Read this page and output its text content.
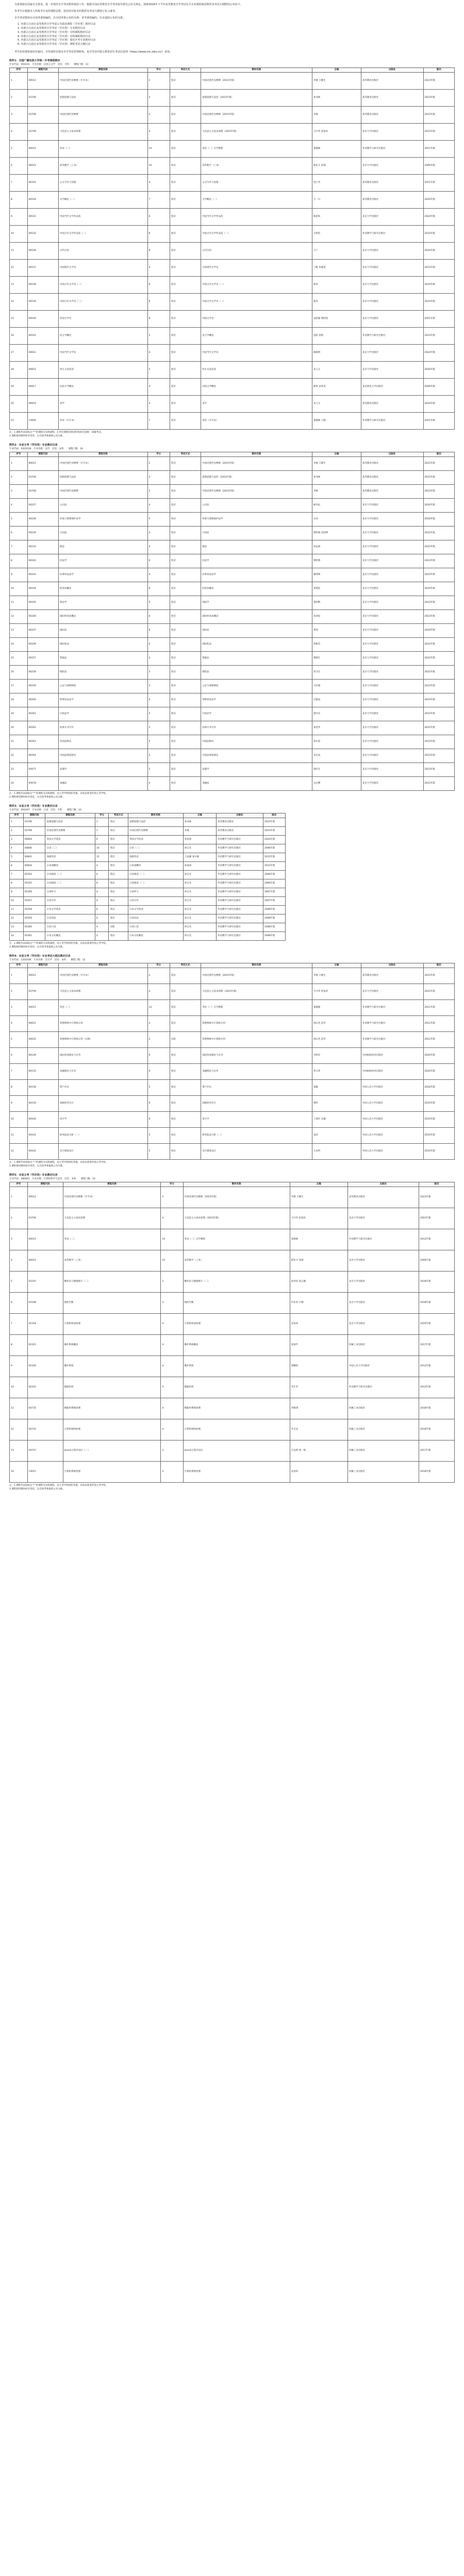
为贯彻落实国家有关要求，进一步规范自学考试教材使用工作，根据全国高等教育自学考试指导委员会有关规定，现将2024年下半年高等教育自学考试有关专业课程使用教材及考试大纲情况公布如下。

各考生应根据本人所报考专业的课程安排，选用对应版本的教材及考试大纲进行复习备考。

自学考试教材由全国考委组编的，以全国考委公布的为准；省考委组编的，以本通知公布的为准。

1. 内蒙古自治区高等教育自学考试公共政治课程（学历类）教材目录
2. 内蒙古自治区高等教育自学考试（学历类）专业教材目录
3. 内蒙古自治区高等教育自学考试（学历类）专科课程教材目录
4. 内蒙古自治区高等教育自学考试（学历类）本科课程教材目录
5. 内蒙古自治区高等教育自学考试（学历类）委托开考专业教材目录
6. 内蒙古自治区高等教育自学考试（学历类）课程考试大纲目录

考生如对教材使用有疑问，可咨询所在盟市自学考试管理机构，也可登录内蒙古教育招生考试信息网（https://www.nm.zsks.cn/）查询。

附件1：全国广播电视大学统一开考课程教材
专业代码：050101　专业名称：汉语言文学　层次：专科　　课程门数：13
序号	课程代码	课程名称	学分	考试方式	教材名称	主编	出版社	版次
1	00012	中国近现代史纲要（专升本）	2	笔试	中国近现代史纲要（2023年版）	李捷 王顺生	高等教育出版社	2023年版
2	03706	思想道德与法治	3	笔试	思想道德与法治（2023年版）	刘书林	高等教育出版社	2023年版
3	03708	中国近现代史纲要	2	笔试	中国近现代史纲要（2023年版）	李捷	高等教育出版社	2023年版
4	03709	马克思主义基本原理	4	笔试	马克思主义基本原理（2023年版）	卫兴华 赵家祥	北京大学出版社	2023年版
5	00015	英语（二）	14	笔试	英语（二）自学教程	张敬源	外语教学与研究出版社	2012年版
6	00023	高等数学（工本）	10	笔试	高等数学（工本）	陈兆斗 高瑞	北京大学出版社	2006年版
7	00341	公文写作与处理	4	笔试	公文写作与处理	饶士奇	高等教育出版社	2021年版
8	00529	文学概论（一）	7	笔试	文学概论（一）	王一川	高等教育出版社	2024年版
9	00531	中国当代文学作品选	6	笔试	中国当代文学作品选	陈思和	北京大学出版社	2024年版
10	00532	中国古代文学作品选（一）	6	笔试	中国古代文学作品选（一）	方智范	外语教学与研究出版社	2024年版
11	00536	古代汉语	6	笔试	古代汉语	王宁	北京大学出版社	2024年版
12	00537	中国现代文学史	4	笔试	中国现代文学史	丁帆 朱晓进	北京大学出版社	2023年版
13	00538	中国古代文学史（一）	6	笔试	中国古代文学史（一）	陈洪	北京大学出版社	2024年版
14	00539	中国古代文学史（二）	6	笔试	中国古代文学史（二）	陈洪	北京大学出版社	2024年版
15	00540	外国文学史	6	笔试	外国文学史	孟昭毅 黎跃进	北京大学出版社	2021年版
16	00541	语言学概论	5	笔试	语言学概论	沈阳 贺阳	外语教学与研究出版社	2023年版
17	00812	中国当代文学史	4	笔试	中国当代文学史	陈晓明	北京大学出版社	2024年版
18	00815	西方文论选读	5	笔试	西方文论选读	朱立元	北京大学出版社	2020年版
19	00817	比较文学概论	4	笔试	比较文学概论	陈惇 孙景尧	北京师范大学出版社	2006年版
20	00819	美学	4	笔试	美学	朱立元	高等教育出版社	2016年版
21	13000	英语（专升本）	7	笔试	英语（专升本）	张敬源 王晓	外语教学与研究出版社	2021年版

注：1.课程代码前标注“*”的课程为实践课程；2.所有课程均须同时参加全国统一命题考试。

2.课程使用教材如有变化，以全国考委最新公布为准。

附件2：本省主考（学历类）专业教材目录
专业代码：030101K　专业名称：法学　层次：本科　　课程门数：24
序号	课程代码	课程名称	学分	考试方式	教材名称	主编	出版社	版次
1	00012	中国近现代史纲要（专升本）	2	笔试	中国近现代史纲要（2023年版）	李捷 王顺生	高等教育出版社	2023年版
2	03706	思想道德与法治	3	笔试	思想道德与法治（2023年版）	刘书林	高等教育出版社	2023年版
3	03708	中国近现代史纲要	2	笔试	中国近现代史纲要（2023年版）	李捷	高等教育出版社	2023年版
4	00227	公司法	4	笔试	公司法	顾功耘	北京大学出版社	2020年版
5	00228	环境与资源保护法学	5	笔试	环境与资源保护法学	汪劲	北京大学出版社	2018年版
6	00230	合同法	4	笔试	合同法	郭明瑞 房绍坤	北京大学出版社	2022年版
7	00233	税法	4	笔试	税法	徐孟洲	北京大学出版社	2022年版
8	00242	民法学	6	笔试	民法学	郭明瑞	北京大学出版社	2023年版
9	00243	民事诉讼法学	4	笔试	民事诉讼法学	潘剑锋	北京大学出版社	2023年版
10	00244	经济法概论	6	笔试	经济法概论	刘瑞复	北京大学出版社	2024年版
11	00245	刑法学	5	笔试	刑法学	张明楷	北京大学出版社	2023年版
12	00246	国际经济法概论	6	笔试	国际经济法概论	余劲松	北京大学出版社	2023年版
13	00247	国际法	6	笔试	国际法	黄瑶	北京大学出版社	2024年版
14	00249	国际私法	4	笔试	国际私法	蒋新苗	北京大学出版社	2023年版
15	00257	票据法	3	笔试	票据法	傅鼎生	北京大学出版社	2023年版
16	00258	保险法	3	笔试	保险法	徐卫东	北京大学出版社	2022年版
17	00259	公证与律师制度	3	笔试	公证与律师制度	马宏俊	北京大学出版社	2023年版
18	00260	刑事诉讼法学	4	笔试	刑事诉讼法学	汪建成	北京大学出版社	2023年版
19	00261	行政法学	5	笔试	行政法学	湛中乐	北京大学出版社	2023年版
20	00262	法律文书写作	3	笔试	法律文书写作	刘金华	北京大学出版社	2022年版
21	00263	外国法制史	5	笔试	外国法制史	曾尔恕	北京大学出版社	2023年版
22	00264	中国法律思想史	5	笔试	中国法律思想史	李启成	北京大学出版社	2023年版
23	05677	法理学	5	笔试	法理学	周旺生	北京大学出版社	2023年版
24	05678	金融法	4	笔试	金融法	吴志攀	北京大学出版社	2023年版

注：1.课程代码前标注“*”的课程为实践课程，由主考学校组织考核，具体安排请咨询主考学校。

2.课程使用教材如有变化，以全国考委最新公布为准。

附件3：本省主考（学历类）专业教材目录
专业代码：050207　专业名称：日语　层次：专科　　课程门数：14
序号	课程代码	课程名称	学分	考试方式	教材名称	主编	出版社	版次
1	03706	思想道德与法治	3	笔试	思想道德与法治	刘书林	高等教育出版社	2023年版
2	03708	中国近现代史纲要	2	笔试	中国近现代史纲要	李捷	高等教育出版社	2023年版
3	00604	英国文学选读	6	笔试	英国文学选读	张伯香	外语教学与研究出版社	2024年版
4	00840	日语（二）	14	笔试	日语（二）	孙宗光	外语教学与研究出版社	2006年版
5	00841	高级英语	12	笔试	高级英语	王家湘 张中载	外语教学与研究出版社	2015年版
6	00844	日本国概况	4	笔试	日本国概况	孙成岗	外语教学与研究出版社	2012年版
7	05354	日语阅读（一）	6	笔试	日语阅读（一）	孙宗光	外语教学与研究出版社	2006年版
8	05355	日语阅读（二）	6	笔试	日语阅读（二）	孙宗光	外语教学与研究出版社	2006年版
9	05356	日语听力	4	笔试	日语听力	孙宗光	外语教学与研究出版社	2007年版
10	05357	日语写作	4	笔试	日语写作	孙宗光	外语教学与研究出版社	2007年版
11	05358	日本文学选读	6	笔试	日本文学选读	孙宗光	外语教学与研究出版社	2008年版
12	05359	日语语法	6	笔试	日语语法	孙宗光	外语教学与研究出版社	2008年版
13	05360	日语口语	4	实践	日语口语	孙宗光	外语教学与研究出版社	2008年版
14	05361	日本文化概论	4	笔试	日本文化概论	孙宗光	外语教学与研究出版社	2008年版

注：1.课程代码前标注“*”的课程为实践课程，由主考学校组织考核，具体安排请咨询主考学校。

2.课程使用教材如有变化，以全国考委最新公布为准。

附件4：本省主考（学历类）专业考试大纲及教材目录
专业代码：120203K　专业名称：会计学　层次：本科　　课程门数：12
序号	课程代码	课程名称	学分	考试方式	教材名称	主编	出版社	版次
1	00012	中国近现代史纲要（专升本）	2	笔试	中国近现代史纲要（2023年版）	李捷 王顺生	高等教育出版社	2023年版
2	03709	马克思主义基本原理	4	笔试	马克思主义基本原理（2023年版）	卫兴华 赵家祥	北京大学出版社	2023年版
3	00015	英语（二）	14	笔试	英语（二）自学教程	张敬源	外语教学与研究出版社	2012年版
4	00051	管理系统中计算机应用	4	笔试	管理系统中计算机应用	周山芙 赵苹	外语教学与研究出版社	2012年版
5	00052	管理系统中计算机应用（实践）	2	实践	管理系统中计算机应用	周山芙 赵苹	外语教学与研究出版社	2012年版
6	00149	国际贸易理论与实务	6	笔试	国际贸易理论与实务	冷柏军	中国财政经济出版社	2020年版
7	00150	金融理论与实务	6	笔试	金融理论与实务	贾玉革	中国财政经济出版社	2020年版
8	00158	资产评估	5	笔试	资产评估	张璇	中国人民大学出版社	2018年版
9	00159	高级财务会计	6	笔试	高级财务会计	傅荣	中国人民大学出版社	2019年版
10	00160	审计学	6	笔试	审计学	丁瑞玲 吴溪	中国人民大学出版社	2019年版
11	00161	财务报表分析（一）	5	笔试	财务报表分析（一）	袁淳	中国人民大学出版社	2019年版
12	00162	会计制度设计	5	笔试	会计制度设计	王本哲	中国人民大学出版社	2019年版

注：1.课程代码前标注“*”的课程为实践课程，由主考学校组织考核，具体安排请咨询主考学校。

2.课程使用教材如有变化，以全国考委最新公布为准。

附件5：本省主考（学历类）专业教材目录
专业代码：080901　专业名称：计算机科学与技术　层次：本科　　课程门数：14
序号	课程代码	课程名称	学分	教材名称	主编	出版社	版次
1	00012	中国近现代史纲要（专升本）	2	中国近现代史纲要（2023年版）	李捷 王顺生	高等教育出版社	2023年版
2	03709	马克思主义基本原理	4	马克思主义基本原理（2023年版）	卫兴华 赵家祥	北京大学出版社	2023年版
3	00015	英语（二）	14	英语（二）自学教程	张敬源	外语教学与研究出版社	2012年版
4	00023	高等数学（工本）	10	高等数学（工本）	陈兆斗 高瑞	北京大学出版社	2006年版
5	02197	概率论与数理统计（二）	3	概率论与数理统计（二）	孙洪祥 张志刚	北京大学出版社	2018年版
6	02198	线性代数	3	线性代数	申亚男 卢刚	北京大学出版社	2018年版
7	02318	计算机组成原理	4	计算机组成原理	袁春风	北京大学出版社	2010年版
8	02323	操作系统概论	4	操作系统概论	张琼声	机械工业出版社	2017年版
9	02326	操作系统	4	操作系统	谭耀铭	中国人民大学出版社	2012年版
10	02331	数据结构	4	数据结构	苏仕华	外语教学与研究出版社	2012年版
11	04735	数据库系统原理	4	数据库系统原理	李雁翎	机械工业出版社	2018年版
12	04741	计算机网络原理	4	计算机网络原理	李全龙	机械工业出版社	2018年版
13	04747	Java语言程序设计（一）	3	Java语言程序设计	辛运帏 饶一梅	机械工业出版社	2017年版
14	13015	计算机系统原理	4	计算机系统原理	袁春风	机械工业出版社	2018年版

注：1.课程代码前标注“*”的课程为实践课程，由主考学校组织考核，具体安排请咨询主考学校。

2.课程使用教材如有变化，以全国考委最新公布为准。
